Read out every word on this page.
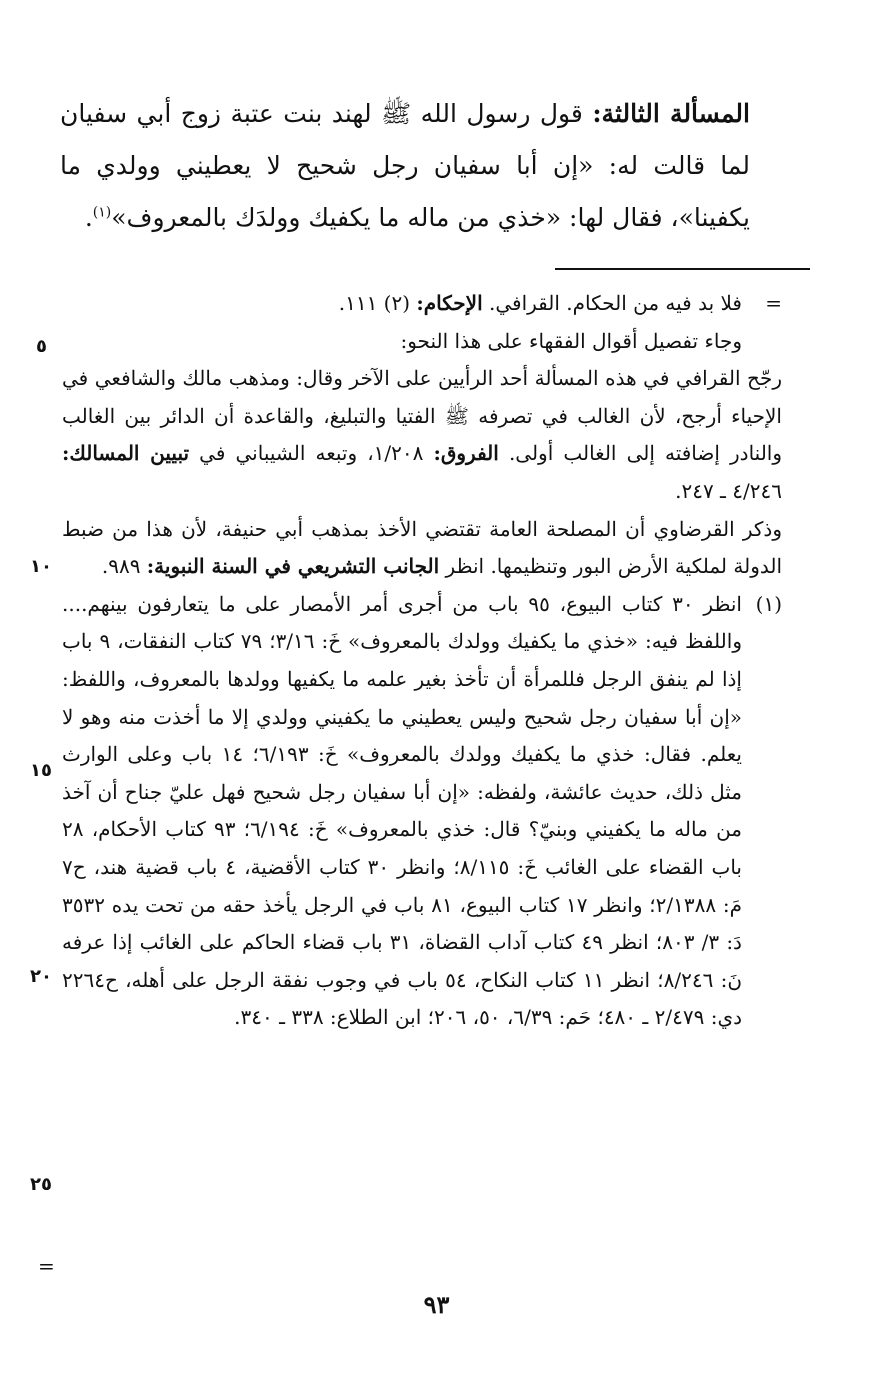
المسألة الثالثة: قول رسول الله ﷺ لهند بنت عتبة زوج أبي سفيان لما قالت له: «إن أبا سفيان رجل شحيح لا يعطيني وولدي ما يكفينا»، فقال لها: «خذي من ماله ما يكفيك وولدَك بالمعروف»$^{(١)}$.

=
فلا بد فيه من الحكام. القرافي. الإحكام: (٢) ١١١.

وجاء تفصيل أقوال الفقهاء على هذا النحو:

رجّح القرافي في هذه المسألة أحد الرأيين على الآخر وقال: ومذهب مالك والشافعي في الإحياء أرجح، لأن الغالب في تصرفه ﷺ الفتيا والتبليغ، والقاعدة أن الدائر بين الغالب والنادر إضافته إلى الغالب أولى. الفروق: ١/٢٠٨، وتبعه الشيباني في تبيين المسالك: ٤/٢٤٦ ـ ٢٤٧.

وذكر القرضاوي أن المصلحة العامة تقتضي الأخذ بمذهب أبي حنيفة، لأن هذا من ضبط الدولة لملكية الأرض البور وتنظيمها. انظر الجانب التشريعي في السنة النبوية: ٩٨٩.

(١)
انظر ٣٠ كتاب البيوع، ٩٥ باب من أجرى أمر الأمصار على ما يتعارفون بينهم.... واللفظ فيه: «خذي ما يكفيك وولدك بالمعروف» خَ: ٣/١٦؛ ٧٩ كتاب النفقات، ٩ باب إذا لم ينفق الرجل فللمرأة أن تأخذ بغير علمه ما يكفيها وولدها بالمعروف، واللفظ: «إن أبا سفيان رجل شحيح وليس يعطيني ما يكفيني وولدي إلا ما أخذت منه وهو لا يعلم. فقال: خذي ما يكفيك وولدك بالمعروف» خَ: ٦/١٩٣؛ ١٤ باب وعلى الوارث مثل ذلك، حديث عائشة، ولفظه: «إن أبا سفيان رجل شحيح فهل عليّ جناح أن آخذ من ماله ما يكفيني وبنيّ؟ قال: خذي بالمعروف» خَ: ٦/١٩٤؛ ٩٣ كتاب الأحكام، ٢٨ باب القضاء على الغائب خَ: ٨/١١٥؛ وانظر ٣٠ كتاب الأقضية، ٤ باب قضية هند، ح٧ مَ: ٢/١٣٨٨؛ وانظر ١٧ كتاب البيوع، ٨١ باب في الرجل يأخذ حقه من تحت يده ٣٥٣٢ دَ: ٣/ ٨٠٣؛ انظر ٤٩ كتاب آداب القضاة، ٣١ باب قضاء الحاكم على الغائب إذا عرفه نَ: ٨/٢٤٦؛ انظر ١١ كتاب النكاح، ٥٤ باب في وجوب نفقة الرجل على أهله، ح٢٢٦٤ دي: ٢/٤٧٩ ـ ٤٨٠؛ حَم: ٦/٣٩، ٥٠، ٢٠٦؛ ابن الطلاع: ٣٣٨ ـ ٣٤٠.

٥
١٠
١٥
٢٠
٢٥
=
٩٣
